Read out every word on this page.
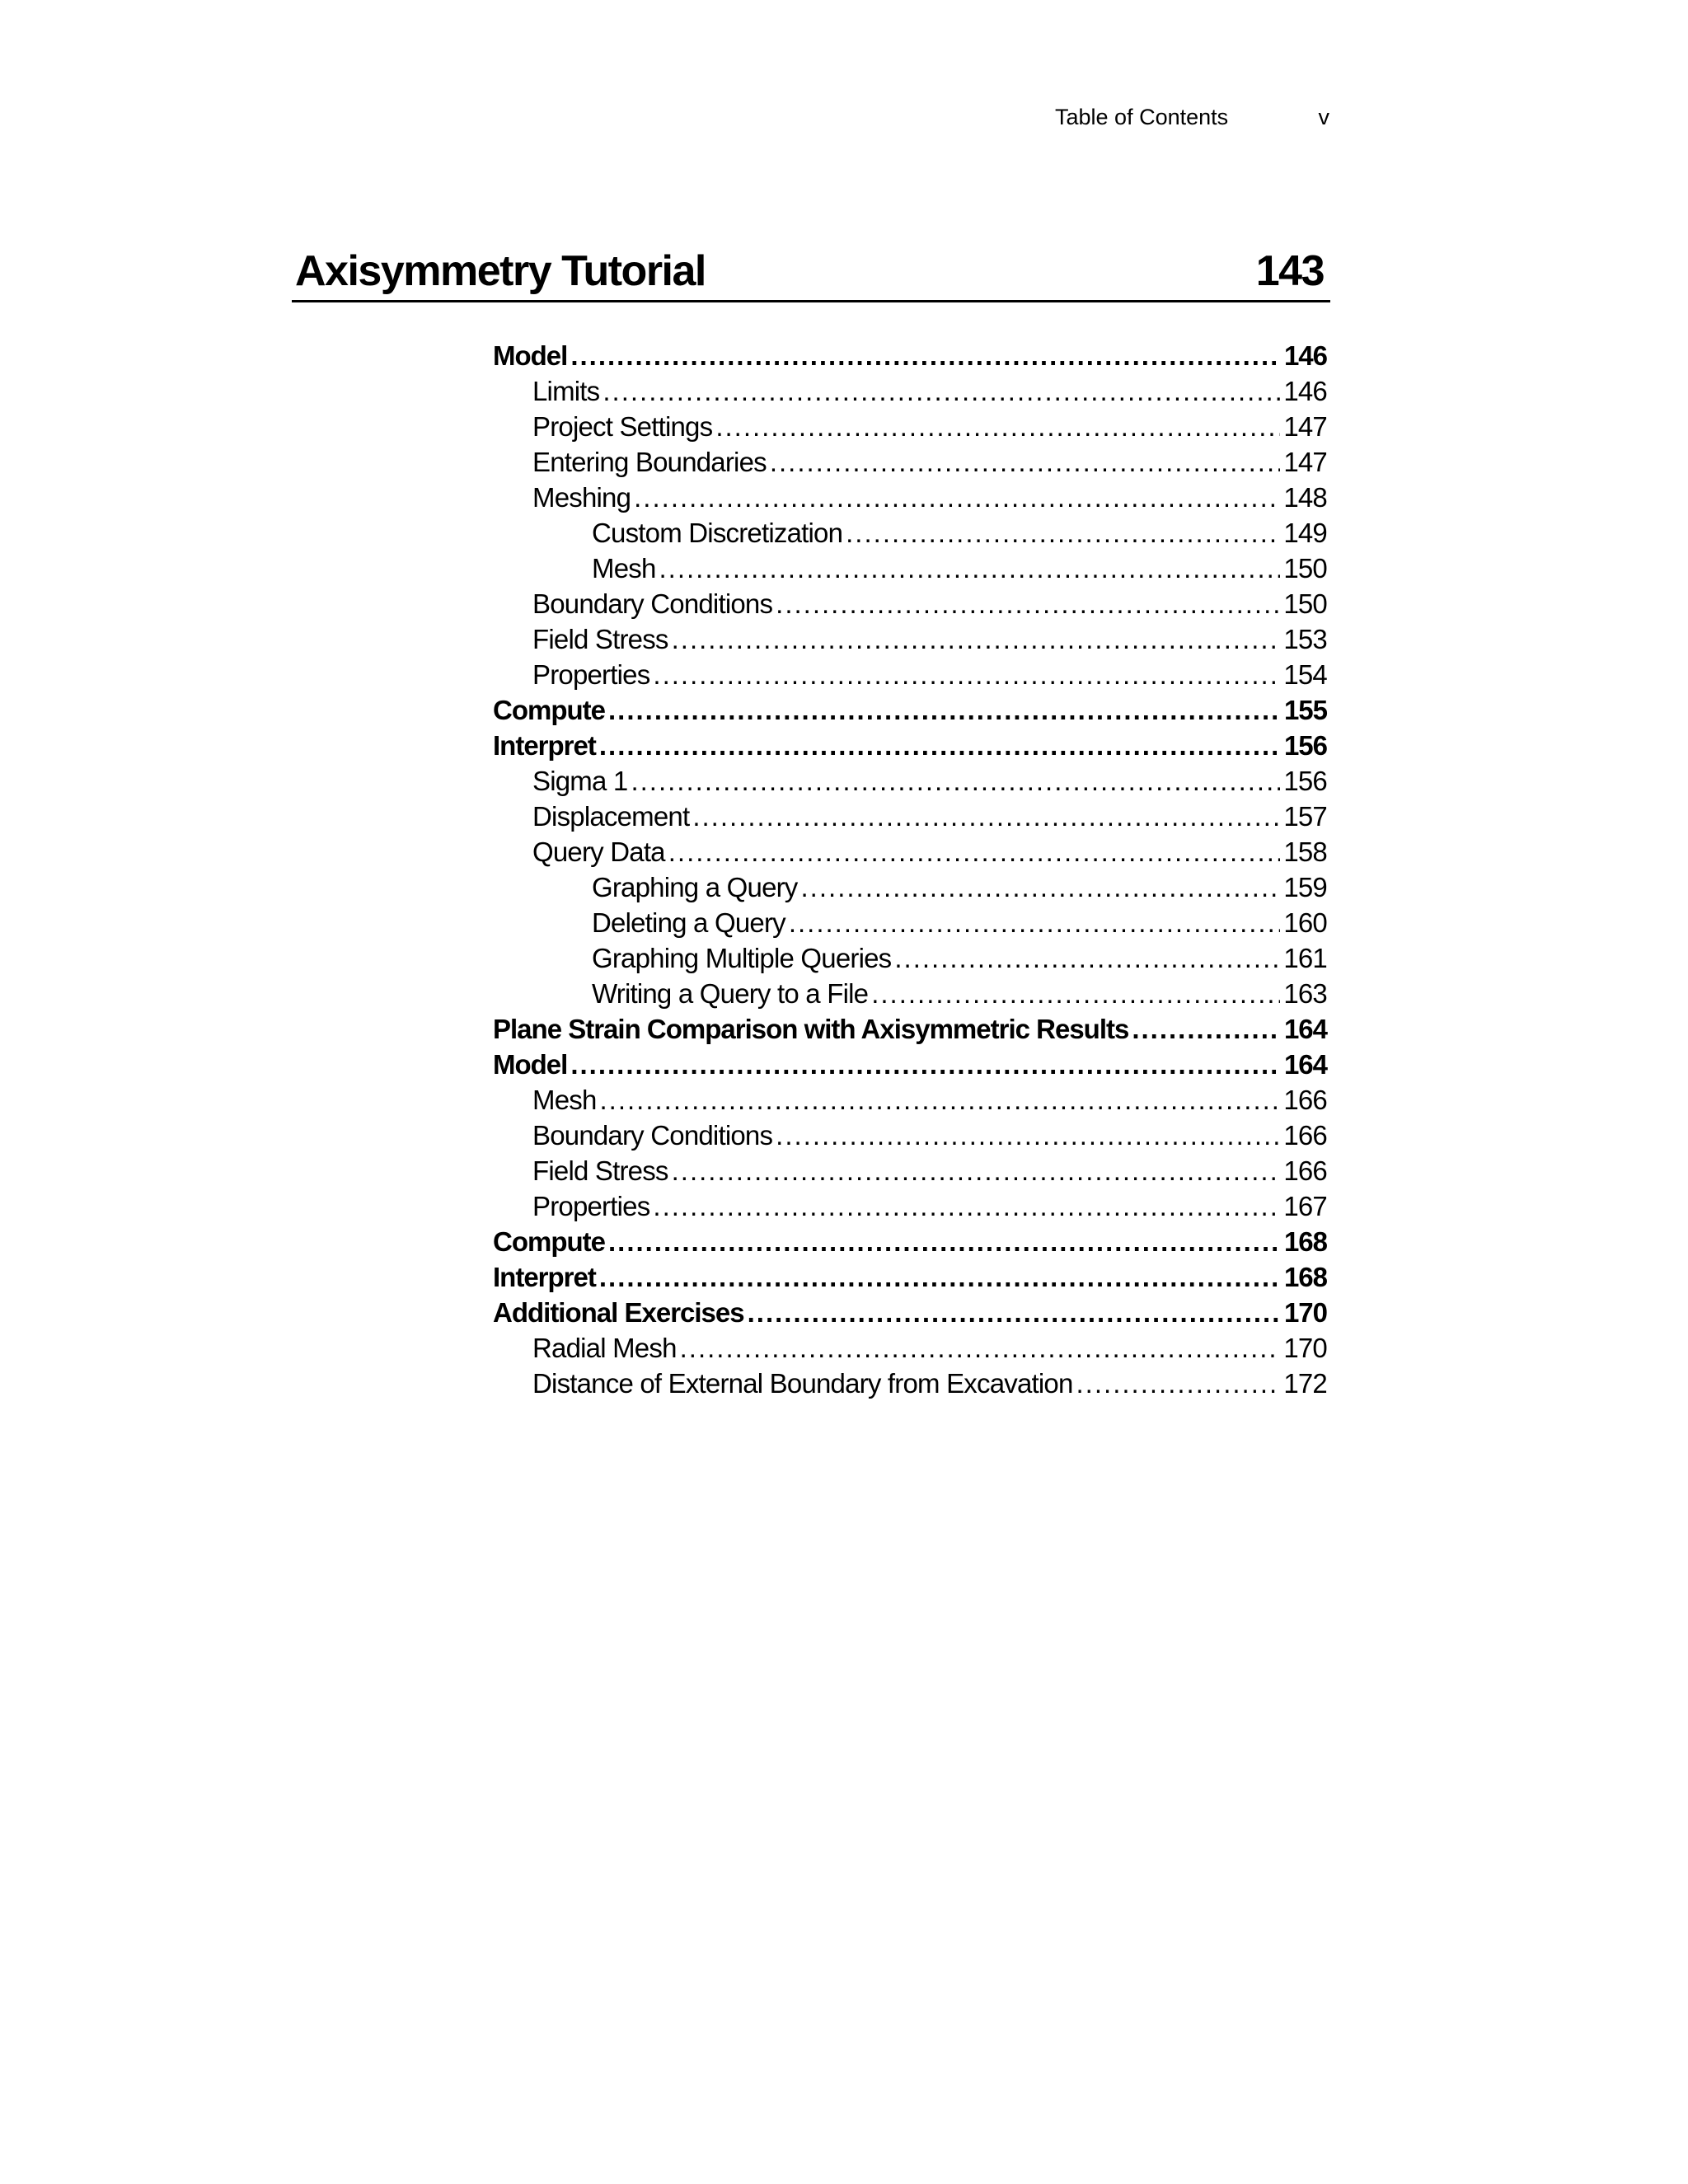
Table of Contents	v
Axisymmetry Tutorial	143
Model .....	146
Limits .....	146
Project Settings .....	147
Entering Boundaries .....	147
Meshing .....	148
Custom Discretization .....	149
Mesh .....	150
Boundary Conditions .....	150
Field Stress .....	153
Properties .....	154
Compute .....	155
Interpret .....	156
Sigma 1 .....	156
Displacement .....	157
Query Data .....	158
Graphing a Query .....	159
Deleting a Query .....	160
Graphing Multiple Queries .....	161
Writing a Query to a File .....	163
Plane Strain Comparison with Axisymmetric Results .....	164
Model .....	164
Mesh .....	166
Boundary Conditions .....	166
Field Stress .....	166
Properties .....	167
Compute .....	168
Interpret .....	168
Additional Exercises .....	170
Radial Mesh .....	170
Distance of External Boundary from Excavation .....	172
